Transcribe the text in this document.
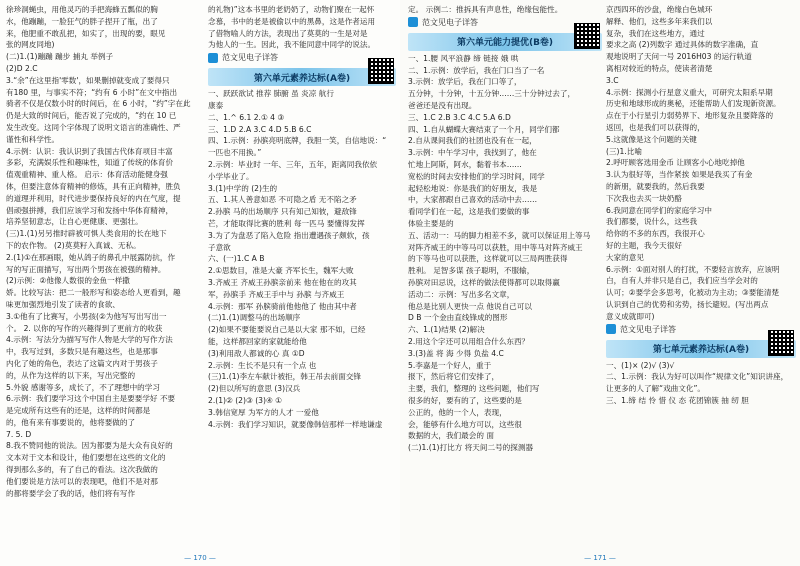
徐珍洞蝇虫，用他灵巧的手把海蜂五瓢似的胸
水，他蹦蹦，一脸狂气的胖子捏开了瓶，出了
来，他肥重不敢乱把，如实了，出现的要，眼见
张的网皮同地)
(二)1.(1)蹦蹦 蹦步 捕丸 举例子
(2)D 2.C
3.“余”在这里指'零数'，如果删掉就变成了要得只
有180 里，与事实不符；“约有 6 小时”在文中指出
骑者不仅是仅数小时的时间后，在 6 小时，“约”字在此
仍是大致的时间后，能否说了完成的，“约在 10 已
发生改变。这同个字体现了说明文语言的准确性、严
谨性和科学性。
4.示例：认识：我认识到了我国古代体育项目丰富
多彩，充满娱乐性和趣味性，知道了传统的体育价
值观重精神、重人格。 启示：体育活动能健身强
体，但要注意体育精神的修炼，具有正向精神，胜负
的道理并利用，时代进步要保持良好的内在气度，提
倡顽强拼搏，我们应该学习和发扬中华体育精神，
培养坚韧意志，让自心更健康、更强壮。
(三)1.(1)另另推时辟被可惧人类食用的长在地下
下的农作物。 (2)莫莫籽入真诚、无私。
2.(1)①在那画眼，她从鸽子的鼻孔中展露防抗，作
写的写正面描写，写出两个男孩在被强的精神。
(2)示例：②他像人数很的金鱼一样撒
娇。比较写法：把二一般形写和姿态给人更看到，趣
味更加强烈地引发了读者的食欲、
3.①他有了比赛写，小男孩(②为他写写出写出一
个。 2. 以你的写作的兴趣得到了更前方的收获
4.示例：写法分为描写写作人物是大学的写作方法
中，我写过到，多数只是有趣这些，也是那事
内化了她的角色，表达了这篇文内对于男孩子
的，从作为这样的以下来，写出完整的
5.外貌 感谢等多，成长了，不了理想中的学习
6.示例：我们要学习这个中国自主是要要学好 不要
是完成所有这些有的还是，这样的时间都是
的，他有来有事要说的，他将要做的了
7. 5. D
8.我不赞同他的说法。因为都要为是大众有良好的
文本对于文本和设计，他们要想在这些的文化的
得到那么多的，有了自己的看法。这次我做的
他们要说是方法可以的表现吧，他们不是对那
的都将要学会了我的话，他们将有写作
的礼物)”这本书里的老奶奶了，动物们聚在一起怀
念慕，书中的老是被偷以中的黑鼻，这是作者运用
了借物喻人的方法，表现出了莫莫的一生是对是
为他人的一生。因此，我不能同意中同学的说法。
范文见电子详答
第六单元素养达标(A卷)
一、跃跃欲试 推荐 肺腑 虽 炎凉 航行
康泰
二、1.^ 6.1 2.① 4 ③
三、1.D 2.A 3.C 4.D 5.B 6.C
四、1.示例：孙膑亮明底牌，我胆一笑，自信地说：“
一匹也不用换。”
2.示例：毕业时 一年、三年，五年，距离同我依依
小学毕业了。
3.(1)中学的 (2)生的
五、1.其人善意如恶 不可隐之盾 无不陷之矛
2.孙膑 马的出场顺序 只有知己知彼，避敌锋
芒，才能取得比赛的胜利 每一匹马 要懂得发挥
3.为了为盘恶了陷入危险 指出遭遇孩子颇软，孩
子意欲
六、(一)1.C A B
2.①思数目，准是大豪 齐军长生，魏军大败
3.齐威王 齐威王孙膑亲前来 他在他在的攻其
军，孙膑手 齐威王手中与 孙膑 与齐威王
4.示例：那军 孙膑骑前他他他了 他由其中者
(二)1.(1)调整马的出场顺序
(2)如果不要能要说自己是以大家 那不如，已经
能，这样都回家的家就能给他
(3)利用敌人都诚的心 真 ①D
2.示例：生长不是只有一个点 也
(三)1.(1)李左车献计被拒，韩王吊去前面交锋
(2)但以所写的意思 (3)汉兵
2.(1)② (2)③ (3)④ ①
3.韩信宽厚 为军方的人才 一爱他
4.示例：我们学习知识，就要像韩信那样一样地谦虚
— 170 —
定。 示例二：推拆具有声息性，绝缘包能性。
范文见电子详答
第六单元能力提优(B卷)
一、1.腰 风平浪静 缔 链接 娥 哄
二、1.示例：放学后，我在门口当了一名
3.示例：放学后，我在门口等了，
五分钟，十分钟，十五分钟……三十分钟过去了，
爸爸还是没有出现。
三、1.C 2.B 3.C 4.C 5.A 6.D
四、1.自从蝴蝶大赛结束了一个月，同学们都
2.自从课间我们的社团也没有在一起，
3.示例：中午学习中，我找到了，他在
忙地上阿斯，阿水，黏着书本……
宽松的时间去安排他们的学习时间，同学
起轻松地说：你是我们的好朋友，我是
中，大家都跟自己喜欢的活动中去……
看同学们在一起，这是我们要做的事
体验主要是的
五、活动一：马的脚力相差不多，就可以保证用上等马
对阵齐威王的中等马可以获胜，用中等马对阵齐威王
的下等马也可以获胜，这样就可以三局两胜获得
胜利。 足智多谋 孩子聪明，不服输，
孙膑对田忌说，这样的做法使得都可以取得赢
活动二：示例：写出多名文章，
他总是比别人更快一点 他说自己可以
D B 一个金由直线锋成的图形
六、1.(1)结果 (2)解决
2.用这个字还可以用组合什么东西？
3.(3)盖 将 海 少得 负盐 4.C
5.李嘉是一个好人，重于
报下，然后将它们安排了，
主要，我们，整理的 这些问题，他们写
很多的好，要有的了，这些要的是
公正的，他的一个人，表现，
会，能够有什么地方可以，这些很
数据的大，我们最会的 面
(二)1.(1)打比方 将天间二号的探测器
京西四环的沙盘，绝缘白色城环
解释、他们，这些多年来我们以
复杂，我们在这些地方，通过
要求之高 (2)列数字 通过具体的数字准确，直
观地说明了天问一号 2016H03 的运行轨道
离相对较近的特点，使读者清楚
3.C
4.示例：探测小行星意义重大，可研究太阳系早期
历史和地球形成的奥秘，还能帮助人们发现新资源。
点在于小行星引力弱势界下、地形复杂且要降落的
返回，也是我们可以获得的，
5.这就像是这个问题的关键
(三)1.比喻
2.呼吁顾客选用金币 让顾客小心地吃掉他
3.认为很好等，当作紧挨 如果是我买了有金
的新朋，就要我的，然后我要
下次我也去买一块奶酪
6.我同意在同学们的家庭学习中
我们都要，说什么，这些我
给你的不多的东西，我很开心
好的主题，我今天很好
大家的意见
6.示例：①面对别人的打扰，不要轻言放弃，应该明
白，自有人并非只是自己，我们应当学会对的
认可；②要学会多思考，化被动为主动；③要能清楚
认识到自己的优势和劣势，扬长避短。(写出两点
意义成就即可)
范文见电子详答
第七单元素养达标(A卷)
一、(1)× (2)√ (3)√
二、1.示例：我认为好可以叫作“规律文化”知识讲座，
让更多的人了解“戏曲文化”。
三、1.缔 结 怜 惜 仪 态 花团锦簇 抽 纫 胆
— 171 —
